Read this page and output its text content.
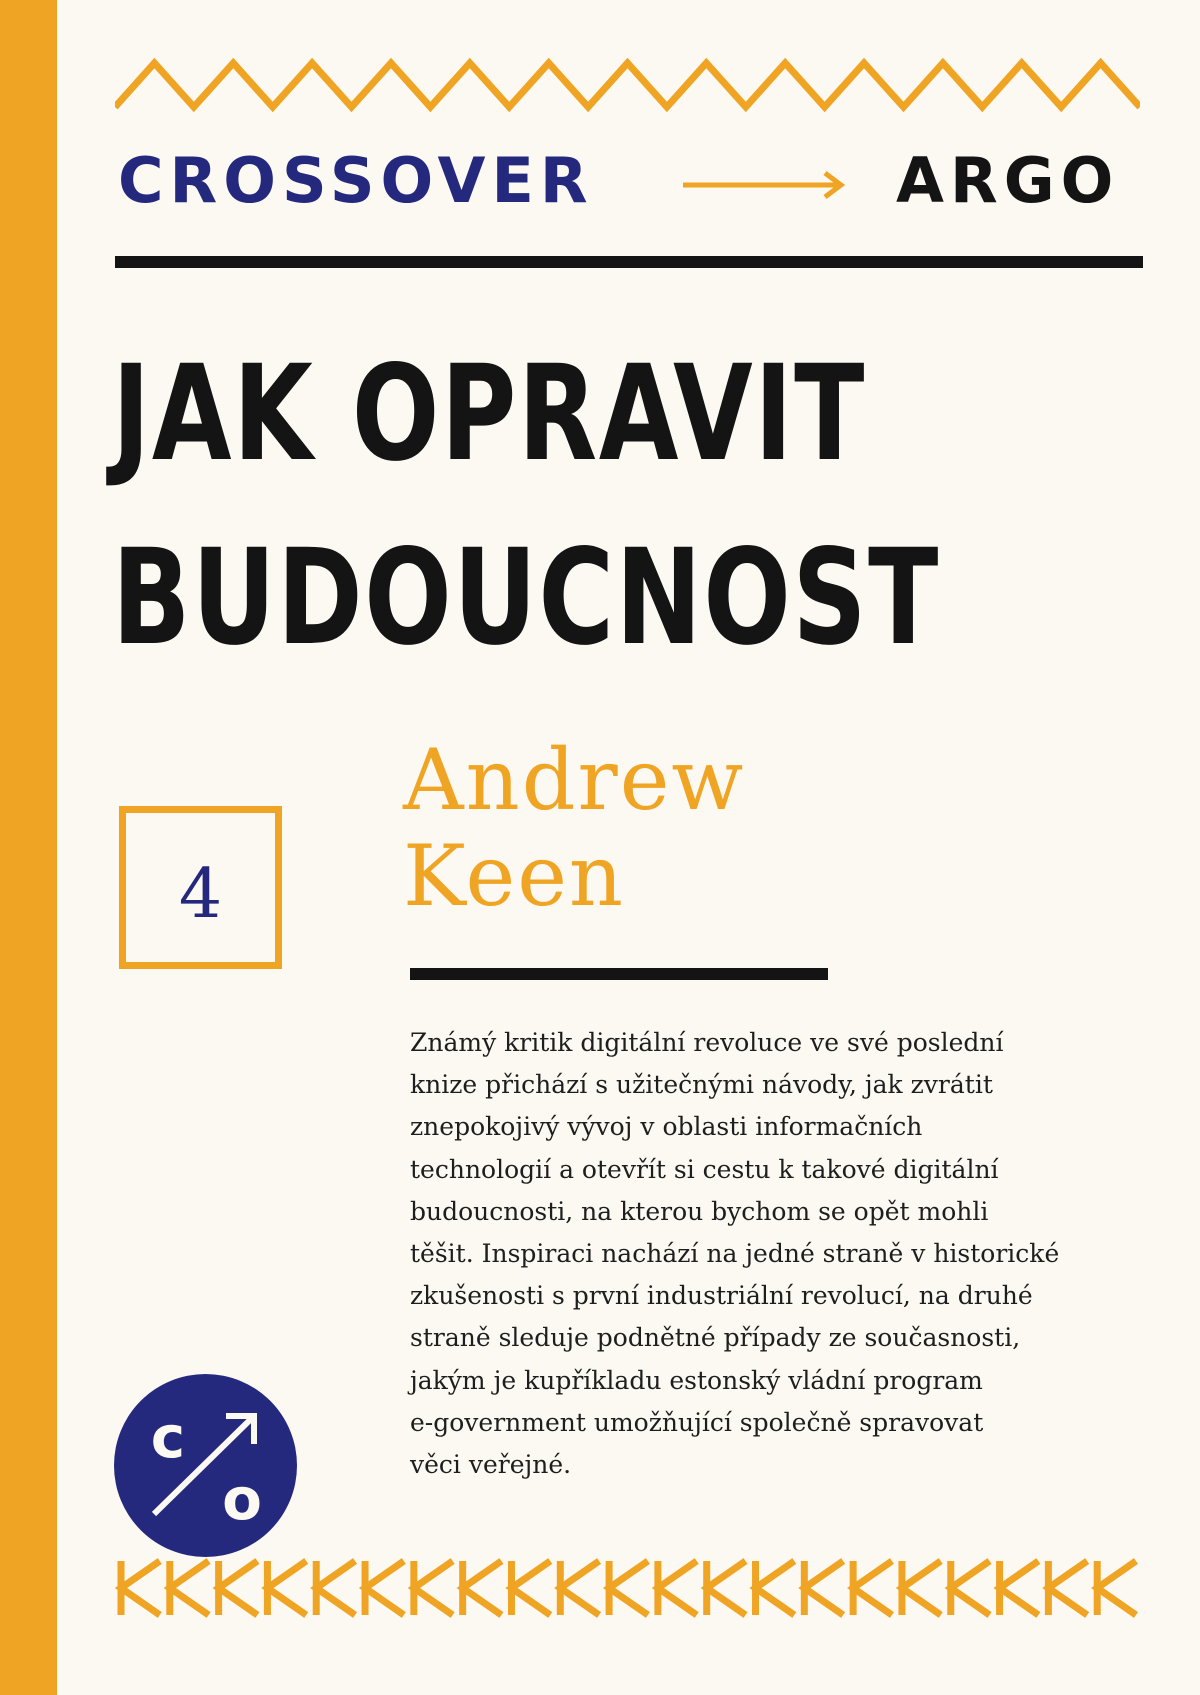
CROSSOVER	ARGO
JAK OPRAVIT
BUDOUCNOST
4
Andrew
Keen
Známý kritik digitální revoluce ve své poslední
knize přichází s užitečnými návody, jak zvrátit
znepokojivý vývoj v oblasti informačních
technologií a otevřít si cestu k takové digitální
budoucnosti, na kterou bychom se opět mohli
těšit. Inspiraci nachází na jedné straně v historické
zkušenosti s první industriální revolucí, na druhé
straně sleduje podnětné případy ze současnosti,
jakým je kupříkladu estonský vládní program
e-government umožňující společně spravovat
věci veřejné.
c
o
